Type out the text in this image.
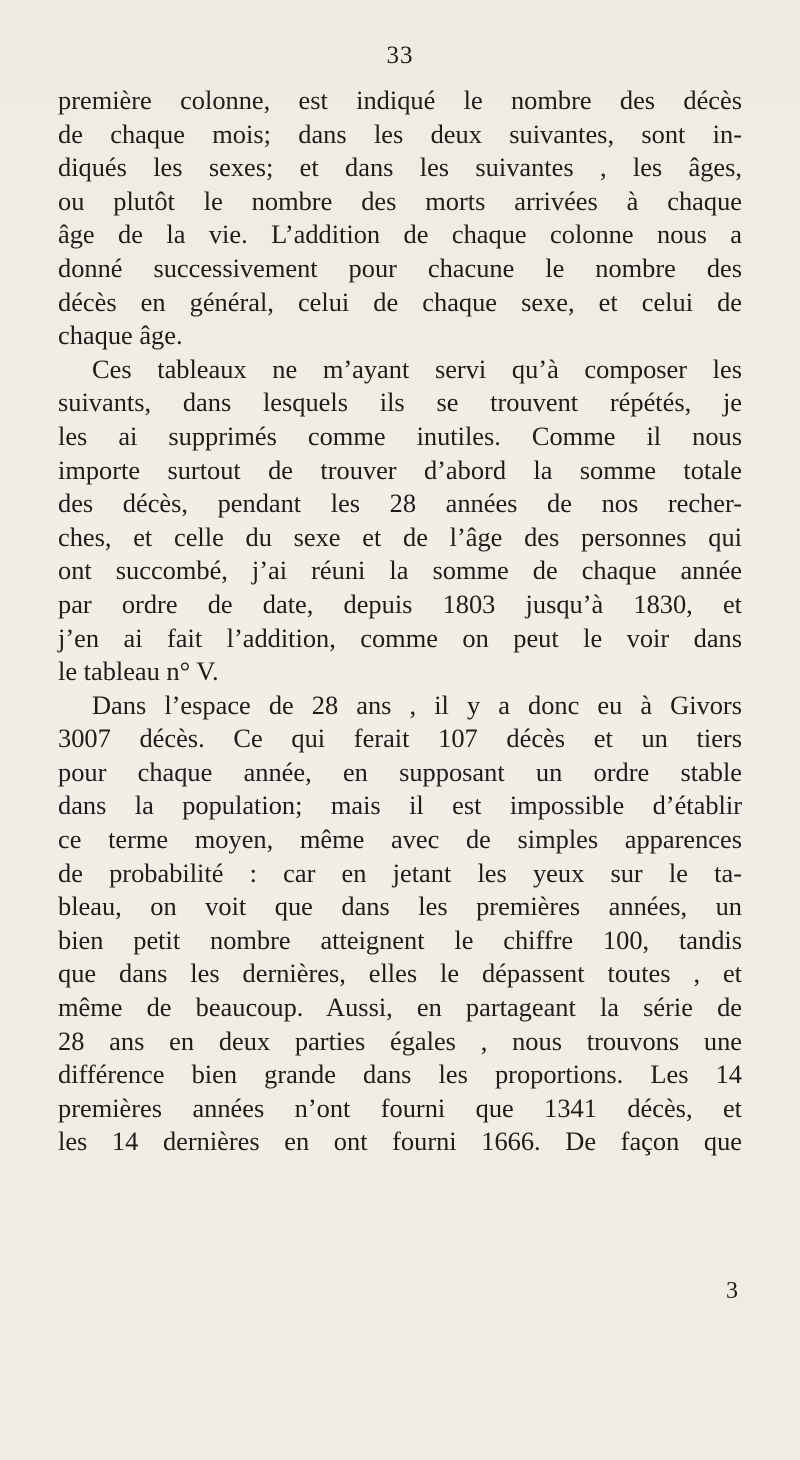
33

première colonne, est indiqué le nombre des décès
de chaque mois; dans les deux suivantes, sont in-
diqués les sexes; et dans les suivantes , les âges,
ou plutôt le nombre des morts arrivées à chaque
âge de la vie. L’addition de chaque colonne nous a
donné successivement pour chacune le nombre des
décès en général, celui de chaque sexe, et celui de
chaque âge.

Ces tableaux ne m’ayant servi qu’à composer les
suivants, dans lesquels ils se trouvent répétés, je
les ai supprimés comme inutiles. Comme il nous
importe surtout de trouver d’abord la somme totale
des décès, pendant les 28 années de nos recher-
ches, et celle du sexe et de l’âge des personnes qui
ont succombé, j’ai réuni la somme de chaque année
par ordre de date, depuis 1803 jusqu’à 1830, et
j’en ai fait l’addition, comme on peut le voir dans
le tableau n° V.

Dans l’espace de 28 ans , il y a donc eu à Givors
3007 décès. Ce qui ferait 107 décès et un tiers
pour chaque année, en supposant un ordre stable
dans la population; mais il est impossible d’établir
ce terme moyen, même avec de simples apparences
de probabilité : car en jetant les yeux sur le ta-
bleau, on voit que dans les premières années, un
bien petit nombre atteignent le chiffre 100, tandis
que dans les dernières, elles le dépassent toutes , et
même de beaucoup. Aussi, en partageant la série de
28 ans en deux parties égales , nous trouvons une
différence bien grande dans les proportions. Les 14
premières années n’ont fourni que 1341 décès, et
les 14 dernières en ont fourni 1666. De façon que

3
